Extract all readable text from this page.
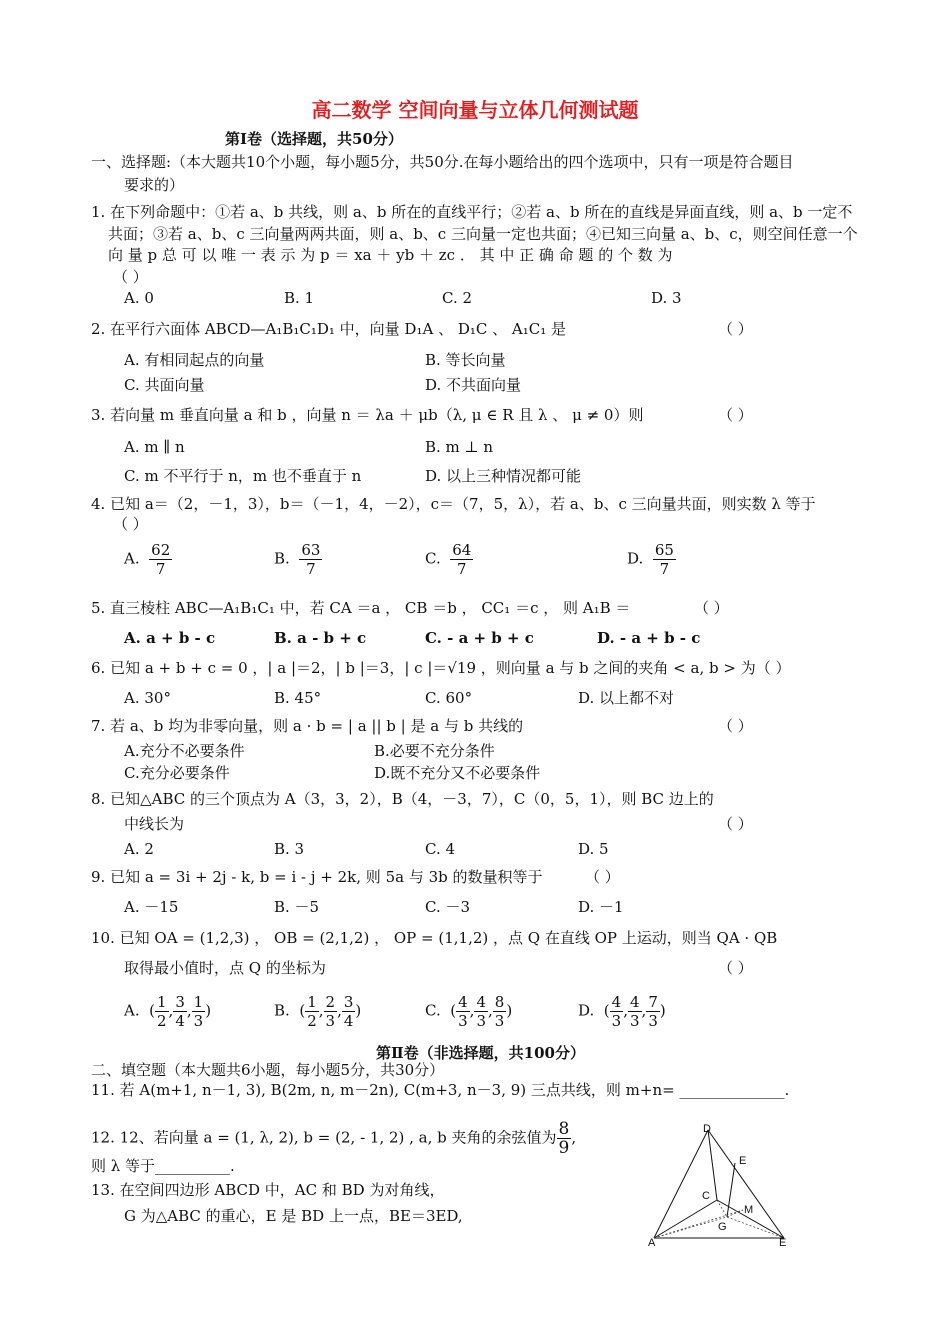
高二数学 空间向量与立体几何测试题
第Ⅰ卷（选择题，共50分）
一、选择题:（本大题共10个小题，每小题5分，共50分.在每小题给出的四个选项中，只有一项是符合题目
要求的）
1. 在下列命题中：①若 a、b 共线，则 a、b 所在的直线平行；②若 a、b 所在的直线是异面直线，则 a、b 一定不
共面；③若 a、b、c 三向量两两共面，则 a、b、c 三向量一定也共面；④已知三向量 a、b、c，则空间任意一个
向 量 p 总 可 以 唯 一 表 示 为 p ＝ xa ＋ yb ＋ zc ． 其 中 正 确 命 题 的 个 数 为
（ ）
A. 0	B. 1	C. 2	D. 3
2. 在平行六面体 ABCD—A₁B₁C₁D₁ 中，向量 D₁A 、 D₁C 、 A₁C₁ 是	（ ）
A. 有相同起点的向量	B. 等长向量
C. 共面向量	D. 不共面向量
3. 若向量 m 垂直向量 a 和 b ，向量 n ＝ λa ＋ μb（λ, μ ∈ R 且 λ 、 μ ≠ 0）则	（ ）
A. m ∥ n	B. m ⊥ n
C. m 不平行于 n，m 也不垂直于 n	D. 以上三种情况都可能
4. 已知 a＝（2，－1，3），b＝（－1，4，－2），c＝（7，5，λ），若 a、b、c 三向量共面，则实数 λ 等于
（ ）
A. $\frac{62}{7}$	B. $\frac{63}{7}$	C. $\frac{64}{7}$	D. $\frac{65}{7}$
5. 直三棱柱 ABC—A₁B₁C₁ 中，若 CA ＝a ， CB ＝b ， CC₁ ＝c ， 则 A₁B ＝	（ ）
A. a + b - c	B. a - b + c	C. - a + b + c	D. - a + b - c
6. 已知 a + b + c = 0 ，| a |＝2，| b |＝3，| c |＝√19 ，则向量 a 与 b 之间的夹角 < a, b > 为（ ）
A. 30°	B. 45°	C. 60°	D. 以上都不对
7. 若 a、b 均为非零向量，则 a · b = | a || b | 是 a 与 b 共线的	（ ）
A.充分不必要条件	B.必要不充分条件
C.充分必要条件	D.既不充分又不必要条件
8. 已知△ABC 的三个顶点为 A（3，3，2），B（4，－3，7），C（0，5，1），则 BC 边上的
中线长为	（ ）
A. 2	B. 3	C. 4	D. 5
9. 已知 a = 3i + 2j - k, b = i - j + 2k, 则 5a 与 3b 的数量积等于	（ ）
A. －15	B. －5	C. －3	D. －1
10. 已知 OA = (1,2,3) ， OB = (2,1,2) ， OP = (1,1,2) ，点 Q 在直线 OP 上运动，则当 QA · QB
取得最小值时，点 Q 的坐标为	（ ）
A.  ( $\frac{1}{2}$ , $\frac{3}{4}$ , $\frac{1}{3}$ )	B.  ( $\frac{1}{2}$ , $\frac{2}{3}$ , $\frac{3}{4}$ )	C.  ( $\frac{4}{3}$ , $\frac{4}{3}$ , $\frac{8}{3}$ )	D.  ( $\frac{4}{3}$ , $\frac{4}{3}$ , $\frac{7}{3}$ )
第Ⅱ卷（非选择题，共100分）
二、填空题（本大题共6小题，每小题5分，共30分）
11. 若 A(m+1, n－1, 3), B(2m, n, m－2n), C(m+3, n－3, 9) 三点共线，则 m+n= ______________.
12. 12、若向量 a = (1, λ, 2), b = (2, - 1, 2) , a, b 夹角的余弦值为 $\frac{8}{9}$ ,
则 λ 等于__________.
13. 在空间四边形 ABCD 中，AC 和 BD 为对角线，
G 为△ABC 的重心，E 是 BD 上一点，BE＝3ED,
D
E
C
M
G
A	E
